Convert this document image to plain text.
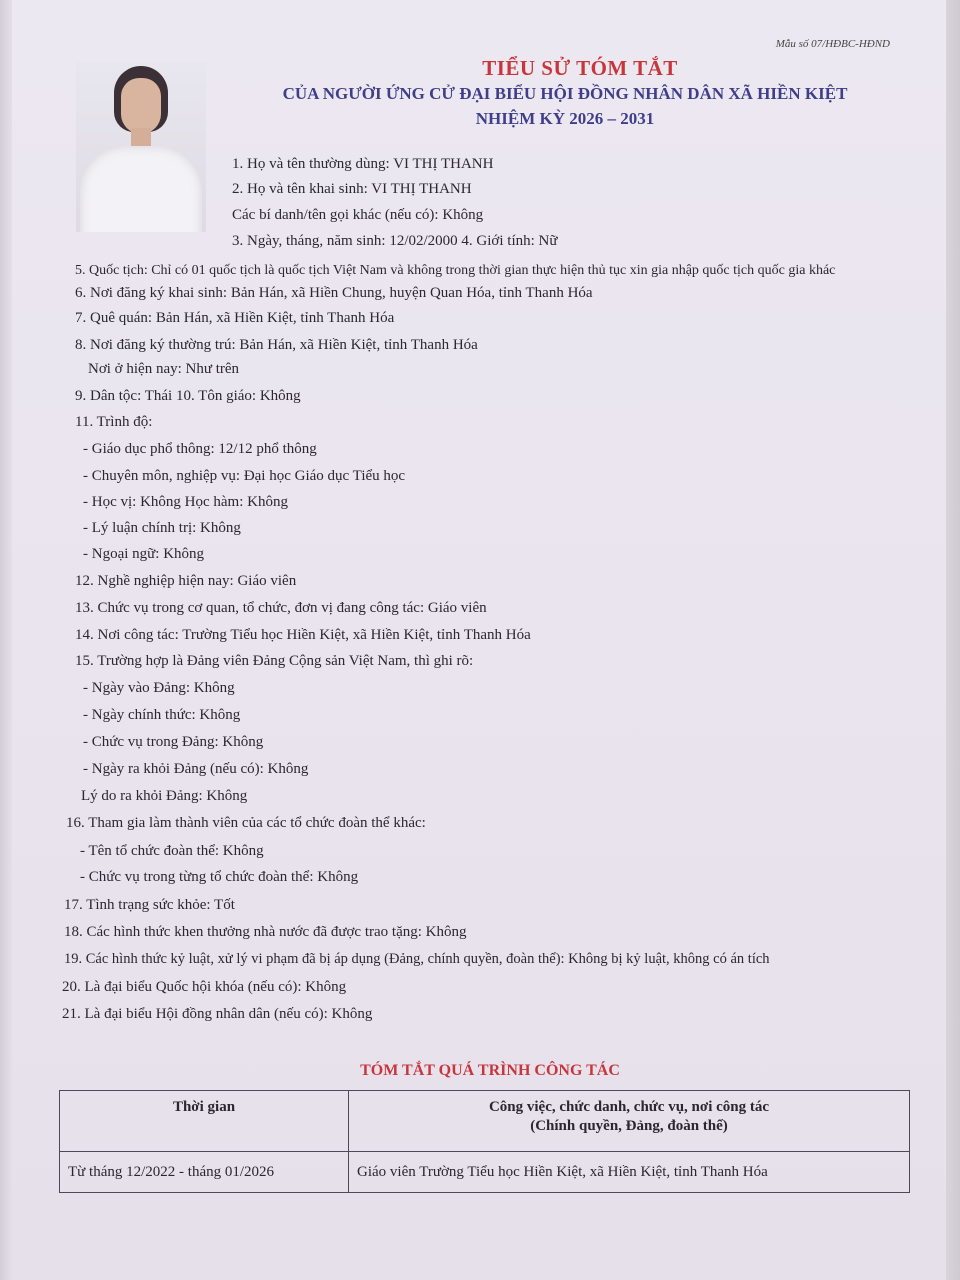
Mẫu số 07/HĐBC-HĐND
TIỂU SỬ TÓM TẮT
CỦA NGƯỜI ỨNG CỬ ĐẠI BIỂU HỘI ĐỒNG NHÂN DÂN XÃ HIỀN KIỆT
NHIỆM KỲ 2026 – 2031
1. Họ và tên thường dùng: VI THỊ THANH
2. Họ và tên khai sinh: VI THỊ THANH
Các bí danh/tên gọi khác (nếu có): Không
3. Ngày, tháng, năm sinh: 12/02/2000 4. Giới tính: Nữ
5. Quốc tịch: Chỉ có 01 quốc tịch là quốc tịch Việt Nam và không trong thời gian thực hiện thủ tục xin gia nhập quốc tịch quốc gia khác
6. Nơi đăng ký khai sinh: Bản Hán, xã Hiền Chung, huyện Quan Hóa, tỉnh Thanh Hóa
7. Quê quán: Bản Hán, xã Hiền Kiệt, tỉnh Thanh Hóa
8. Nơi đăng ký thường trú: Bản Hán, xã Hiền Kiệt, tỉnh Thanh Hóa
Nơi ở hiện nay: Như trên
9. Dân tộc: Thái 10. Tôn giáo: Không
11. Trình độ:
- Giáo dục phổ thông: 12/12 phổ thông
- Chuyên môn, nghiệp vụ: Đại học Giáo dục Tiểu học
- Học vị: Không Học hàm: Không
- Lý luận chính trị: Không
- Ngoại ngữ: Không
12. Nghề nghiệp hiện nay: Giáo viên
13. Chức vụ trong cơ quan, tổ chức, đơn vị đang công tác: Giáo viên
14. Nơi công tác: Trường Tiểu học Hiền Kiệt, xã Hiền Kiệt, tỉnh Thanh Hóa
15. Trường hợp là Đảng viên Đảng Cộng sản Việt Nam, thì ghi rõ:
- Ngày vào Đảng: Không
- Ngày chính thức: Không
- Chức vụ trong Đảng: Không
- Ngày ra khỏi Đảng (nếu có): Không
Lý do ra khỏi Đảng: Không
16. Tham gia làm thành viên của các tổ chức đoàn thể khác:
- Tên tổ chức đoàn thể: Không
- Chức vụ trong từng tổ chức đoàn thể: Không
17. Tình trạng sức khỏe: Tốt
18. Các hình thức khen thưởng nhà nước đã được trao tặng: Không
19. Các hình thức kỷ luật, xử lý vi phạm đã bị áp dụng (Đảng, chính quyền, đoàn thể): Không bị kỷ luật, không có án tích
20. Là đại biểu Quốc hội khóa (nếu có): Không
21. Là đại biểu Hội đồng nhân dân (nếu có): Không
TÓM TẮT QUÁ TRÌNH CÔNG TÁC
Thời gian	Công việc, chức danh, chức vụ, nơi công tác
(Chính quyền, Đảng, đoàn thể)

Từ tháng 12/2022 - tháng 01/2026	Giáo viên Trường Tiểu học Hiền Kiệt, xã Hiền Kiệt, tỉnh Thanh Hóa
